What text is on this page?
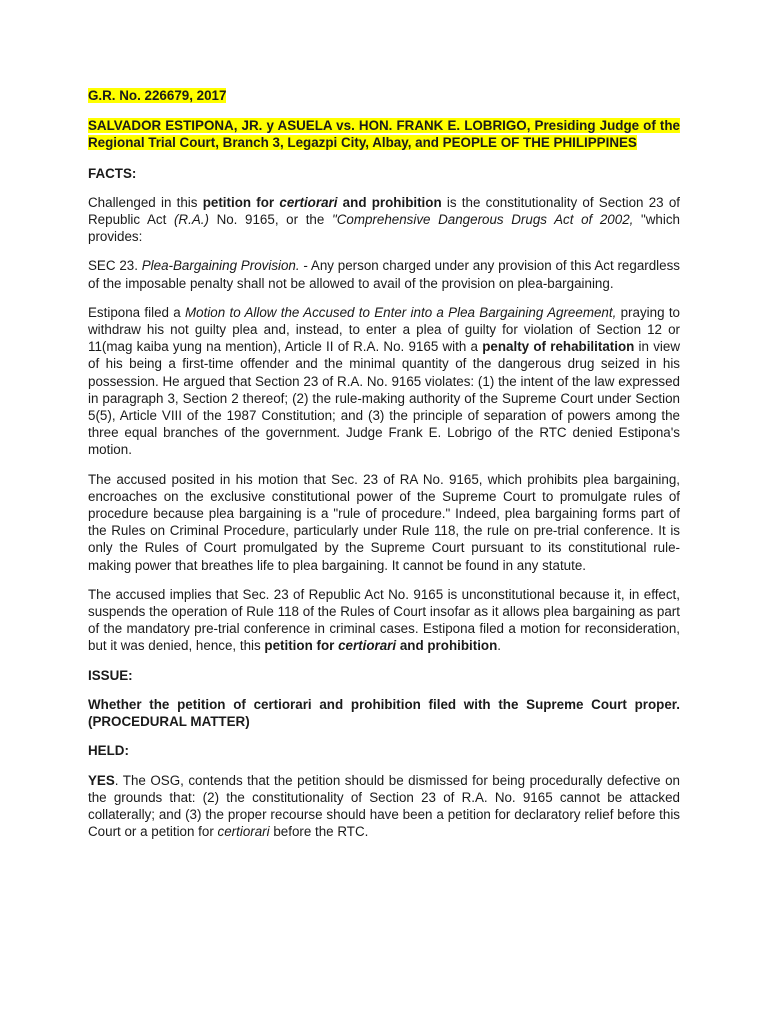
G.R. No. 226679, 2017

SALVADOR ESTIPONA, JR. y ASUELA vs. HON. FRANK E. LOBRIGO, Presiding Judge of the Regional Trial Court, Branch 3, Legazpi City, Albay, and PEOPLE OF THE PHILIPPINES

FACTS:

Challenged in this petition for certiorari and prohibition is the constitutionality of Section 23 of Republic Act (R.A.) No. 9165, or the "Comprehensive Dangerous Drugs Act of 2002, "which provides:

SEC 23. Plea-Bargaining Provision. - Any person charged under any provision of this Act regardless of the imposable penalty shall not be allowed to avail of the provision on plea-bargaining.

Estipona filed a Motion to Allow the Accused to Enter into a Plea Bargaining Agreement, praying to withdraw his not guilty plea and, instead, to enter a plea of guilty for violation of Section 12 or 11(mag kaiba yung na mention), Article II of R.A. No. 9165 with a penalty of rehabilitation in view of his being a first-time offender and the minimal quantity of the dangerous drug seized in his possession. He argued that Section 23 of R.A. No. 9165 violates: (1) the intent of the law expressed in paragraph 3, Section 2 thereof; (2) the rule-making authority of the Supreme Court under Section 5(5), Article VIII of the 1987 Constitution; and (3) the principle of separation of powers among the three equal branches of the government. Judge Frank E. Lobrigo of the RTC denied Estipona's motion.

The accused posited in his motion that Sec. 23 of RA No. 9165, which prohibits plea bargaining, encroaches on the exclusive constitutional power of the Supreme Court to promulgate rules of procedure because plea bargaining is a "rule of procedure." Indeed, plea bargaining forms part of the Rules on Criminal Procedure, particularly under Rule 118, the rule on pre-trial conference. It is only the Rules of Court promulgated by the Supreme Court pursuant to its constitutional rule-making power that breathes life to plea bargaining. It cannot be found in any statute.

The accused implies that Sec. 23 of Republic Act No. 9165 is unconstitutional because it, in effect, suspends the operation of Rule 118 of the Rules of Court insofar as it allows plea bargaining as part of the mandatory pre-trial conference in criminal cases. Estipona filed a motion for reconsideration, but it was denied, hence, this petition for certiorari and prohibition.

ISSUE:

Whether the petition of certiorari and prohibition filed with the Supreme Court proper. (PROCEDURAL MATTER)

HELD:

YES. The OSG, contends that the petition should be dismissed for being procedurally defective on the grounds that: (2) the constitutionality of Section 23 of R.A. No. 9165 cannot be attacked collaterally; and (3) the proper recourse should have been a petition for declaratory relief before this Court or a petition for certiorari before the RTC.
